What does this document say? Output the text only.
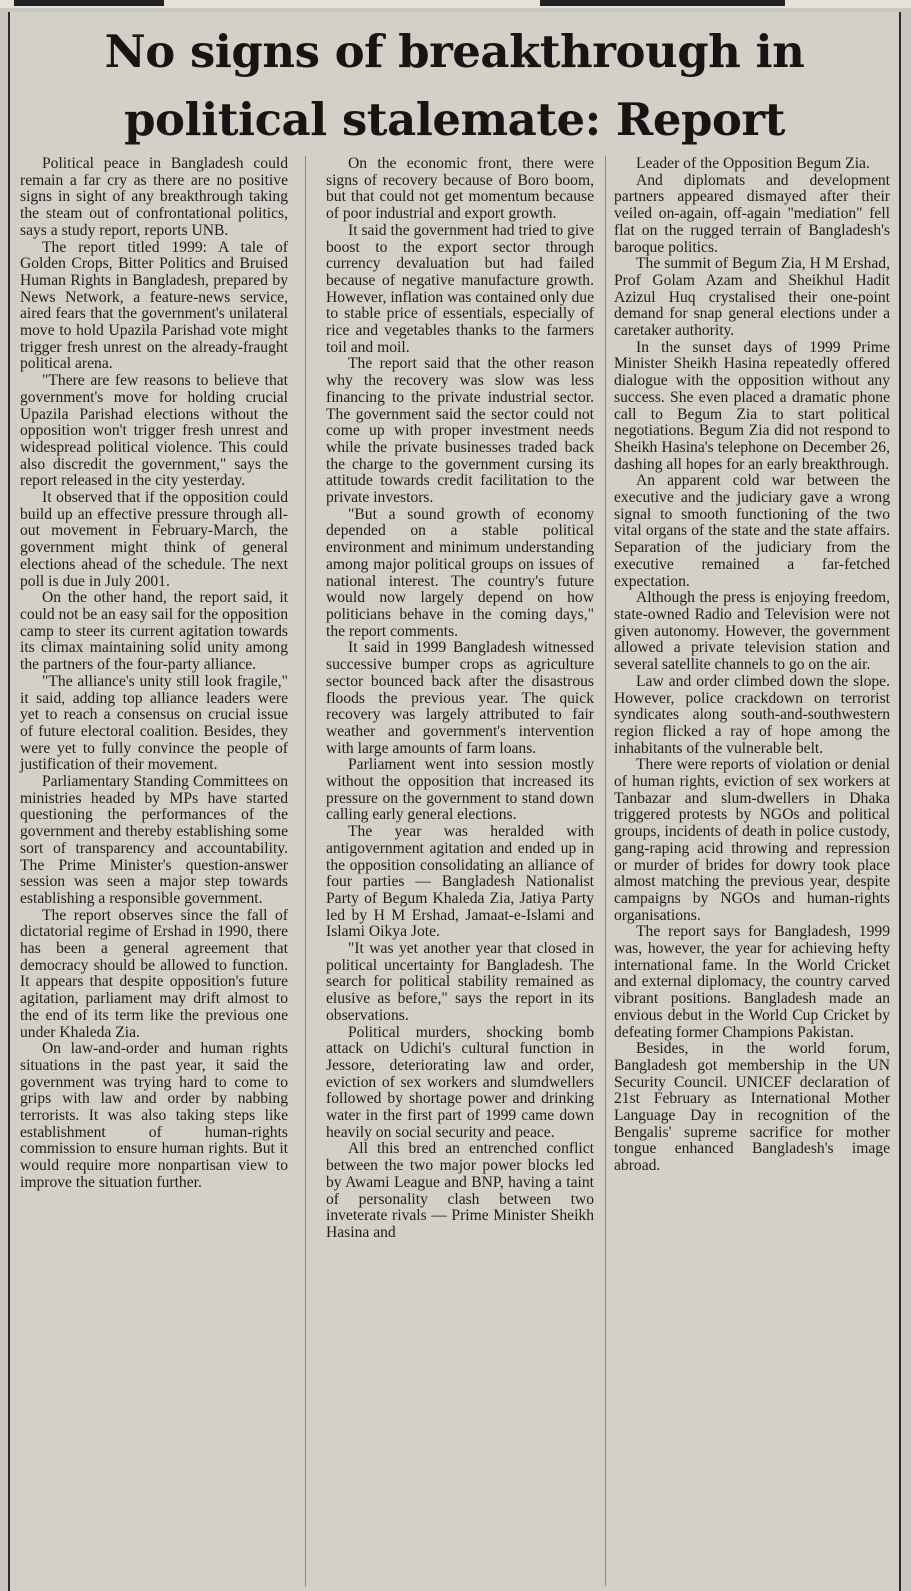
No signs of breakthrough in
political stalemate: Report

Political peace in Bangladesh could remain a far cry as there are no positive signs in sight of any breakthrough taking the steam out of confrontational politics, says a study report, reports UNB.

The report titled 1999: A tale of Golden Crops, Bitter Politics and Bruised Human Rights in Bangladesh, prepared by News Network, a feature-news service, aired fears that the government's unilateral move to hold Upazila Parishad vote might trigger fresh unrest on the already-fraught political arena.

"There are few reasons to believe that government's move for holding crucial Upazila Parishad elections without the opposition won't trigger fresh unrest and widespread political violence. This could also discredit the government," says the report released in the city yesterday.

It observed that if the opposition could build up an effective pressure through all-out movement in February-March, the government might think of general elections ahead of the schedule. The next poll is due in July 2001.

On the other hand, the report said, it could not be an easy sail for the opposition camp to steer its current agitation towards its climax maintaining solid unity among the partners of the four-party alliance.

"The alliance's unity still look fragile," it said, adding top alliance leaders were yet to reach a consensus on crucial issue of future electoral coalition. Besides, they were yet to fully convince the people of justification of their movement.

Parliamentary Standing Committees on ministries headed by MPs have started questioning the performances of the government and thereby establishing some sort of transparency and accountability. The Prime Minister's question-answer session was seen a major step towards establishing a responsible government.

The report observes since the fall of dictatorial regime of Ershad in 1990, there has been a general agreement that democracy should be allowed to function. It appears that despite opposition's future agitation, parliament may drift almost to the end of its term like the previous one under Khaleda Zia.

On law-and-order and human rights situations in the past year, it said the government was trying hard to come to grips with law and order by nabbing terrorists. It was also taking steps like establishment of human-rights commission to ensure human rights. But it would require more nonpartisan view to improve the situation further.

On the economic front, there were signs of recovery because of Boro boom, but that could not get momentum because of poor industrial and export growth.

It said the government had tried to give boost to the export sector through currency devaluation but had failed because of negative manufacture growth. However, inflation was contained only due to stable price of essentials, especially of rice and vegetables thanks to the farmers toil and moil.

The report said that the other reason why the recovery was slow was less financing to the private industrial sector. The government said the sector could not come up with proper investment needs while the private businesses traded back the charge to the government cursing its attitude towards credit facilitation to the private investors.

"But a sound growth of economy depended on a stable political environment and minimum understanding among major political groups on issues of national interest. The country's future would now largely depend on how politicians behave in the coming days," the report comments.

It said in 1999 Bangladesh witnessed successive bumper crops as agriculture sector bounced back after the disastrous floods the previous year. The quick recovery was largely attributed to fair weather and government's intervention with large amounts of farm loans.

Parliament went into session mostly without the opposition that increased its pressure on the government to stand down calling early general elections.

The year was heralded with antigovernment agitation and ended up in the opposition consolidating an alliance of four parties — Bangladesh Nationalist Party of Begum Khaleda Zia, Jatiya Party led by H M Ershad, Jamaat-e-Islami and Islami Oikya Jote.

"It was yet another year that closed in political uncertainty for Bangladesh. The search for political stability remained as elusive as before," says the report in its observations.

Political murders, shocking bomb attack on Udichi's cultural function in Jessore, deteriorating law and order, eviction of sex workers and slumdwellers followed by shortage power and drinking water in the first part of 1999 came down heavily on social security and peace.

All this bred an entrenched conflict between the two major power blocks led by Awami League and BNP, having a taint of personality clash between two inveterate rivals — Prime Minister Sheikh Hasina and

Leader of the Opposition Begum Zia.

And diplomats and development partners appeared dismayed after their veiled on-again, off-again "mediation" fell flat on the rugged terrain of Bangladesh's baroque politics.

The summit of Begum Zia, H M Ershad, Prof Golam Azam and Sheikhul Hadit Azizul Huq crystalised their one-point demand for snap general elections under a caretaker authority.

In the sunset days of 1999 Prime Minister Sheikh Hasina repeatedly offered dialogue with the opposition without any success. She even placed a dramatic phone call to Begum Zia to start political negotiations. Begum Zia did not respond to Sheikh Hasina's telephone on December 26, dashing all hopes for an early breakthrough.

An apparent cold war between the executive and the judiciary gave a wrong signal to smooth functioning of the two vital organs of the state and the state affairs. Separation of the judiciary from the executive remained a far-fetched expectation.

Although the press is enjoying freedom, state-owned Radio and Television were not given autonomy. However, the government allowed a private television station and several satellite channels to go on the air.

Law and order climbed down the slope. However, police crackdown on terrorist syndicates along south-and-southwestern region flicked a ray of hope among the inhabitants of the vulnerable belt.

There were reports of violation or denial of human rights, eviction of sex workers at Tanbazar and slum-dwellers in Dhaka triggered protests by NGOs and political groups, incidents of death in police custody, gang-raping acid throwing and repression or murder of brides for dowry took place almost matching the previous year, despite campaigns by NGOs and human-rights organisations.

The report says for Bangladesh, 1999 was, however, the year for achieving hefty international fame. In the World Cricket and external diplomacy, the country carved vibrant positions. Bangladesh made an envious debut in the World Cup Cricket by defeating former Champions Pakistan.

Besides, in the world forum, Bangladesh got membership in the UN Security Council. UNICEF declaration of 21st February as International Mother Language Day in recognition of the Bengalis' supreme sacrifice for mother tongue enhanced Bangladesh's image abroad.
